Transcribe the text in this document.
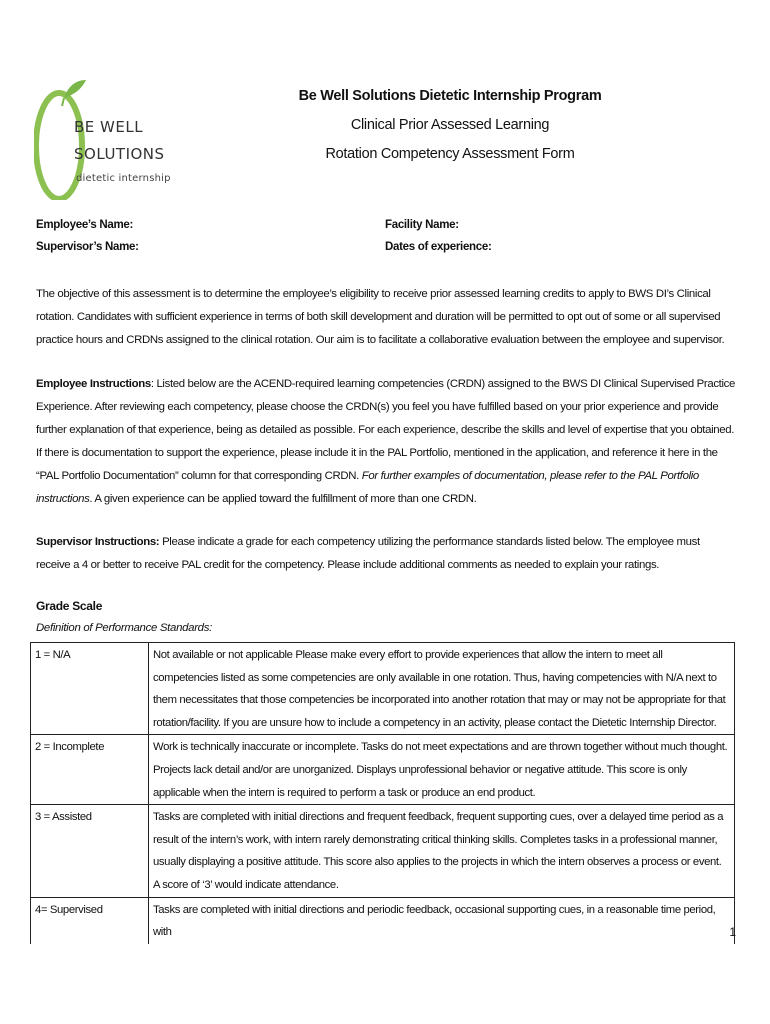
BE WELL
SOLUTIONS
dietetic internship
Be Well Solutions Dietetic Internship Program
Clinical Prior Assessed Learning
Rotation Competency Assessment Form
Employee’s Name:
Supervisor’s Name:
Facility Name:
Dates of experience:
The objective of this assessment is to determine the employee’s eligibility to receive prior assessed learning credits to apply to BWS DI’s Clinical rotation. Candidates with sufficient experience in terms of both skill development and duration will be permitted to opt out of some or all supervised practice hours and CRDNs assigned to the clinical rotation. Our aim is to facilitate a collaborative evaluation between the employee and supervisor.
Employee Instructions: Listed below are the ACEND-required learning competencies (CRDN) assigned to the BWS DI Clinical Supervised Practice Experience. After reviewing each competency, please choose the CRDN(s) you feel you have fulfilled based on your prior experience and provide further explanation of that experience, being as detailed as possible. For each experience, describe the skills and level of expertise that you obtained. If there is documentation to support the experience, please include it in the PAL Portfolio, mentioned in the application, and reference it here in the “PAL Portfolio Documentation” column for that corresponding CRDN. For further examples of documentation, please refer to the PAL Portfolio instructions. A given experience can be applied toward the fulfillment of more than one CRDN.
Supervisor Instructions: Please indicate a grade for each competency utilizing the performance standards listed below. The employee must receive a 4 or better to receive PAL credit for the competency. Please include additional comments as needed to explain your ratings.
Grade Scale
Definition of Performance Standards:
1 = N/A	Not available or not applicable Please make every effort to provide experiences that allow the intern to meet all competencies listed as some competencies are only available in one rotation. Thus, having competencies with N/A next to them necessitates that those competencies be incorporated into another rotation that may or may not be appropriate for that rotation/facility. If you are unsure how to include a competency in an activity, please contact the Dietetic Internship Director.
2 = Incomplete	Work is technically inaccurate or incomplete. Tasks do not meet expectations and are thrown together without much thought. Projects lack detail and/or are unorganized. Displays unprofessional behavior or negative attitude. This score is only applicable when the intern is required to perform a task or produce an end product.
3 = Assisted	Tasks are completed with initial directions and frequent feedback, frequent supporting cues, over a delayed time period as a result of the intern’s work, with intern rarely demonstrating critical thinking skills. Completes tasks in a professional manner, usually displaying a positive attitude. This score also applies to the projects in which the intern observes a process or event. A score of ‘3’ would indicate attendance.
4= Supervised	Tasks are completed with initial directions and periodic feedback, occasional supporting cues, in a reasonable time period, with	1
